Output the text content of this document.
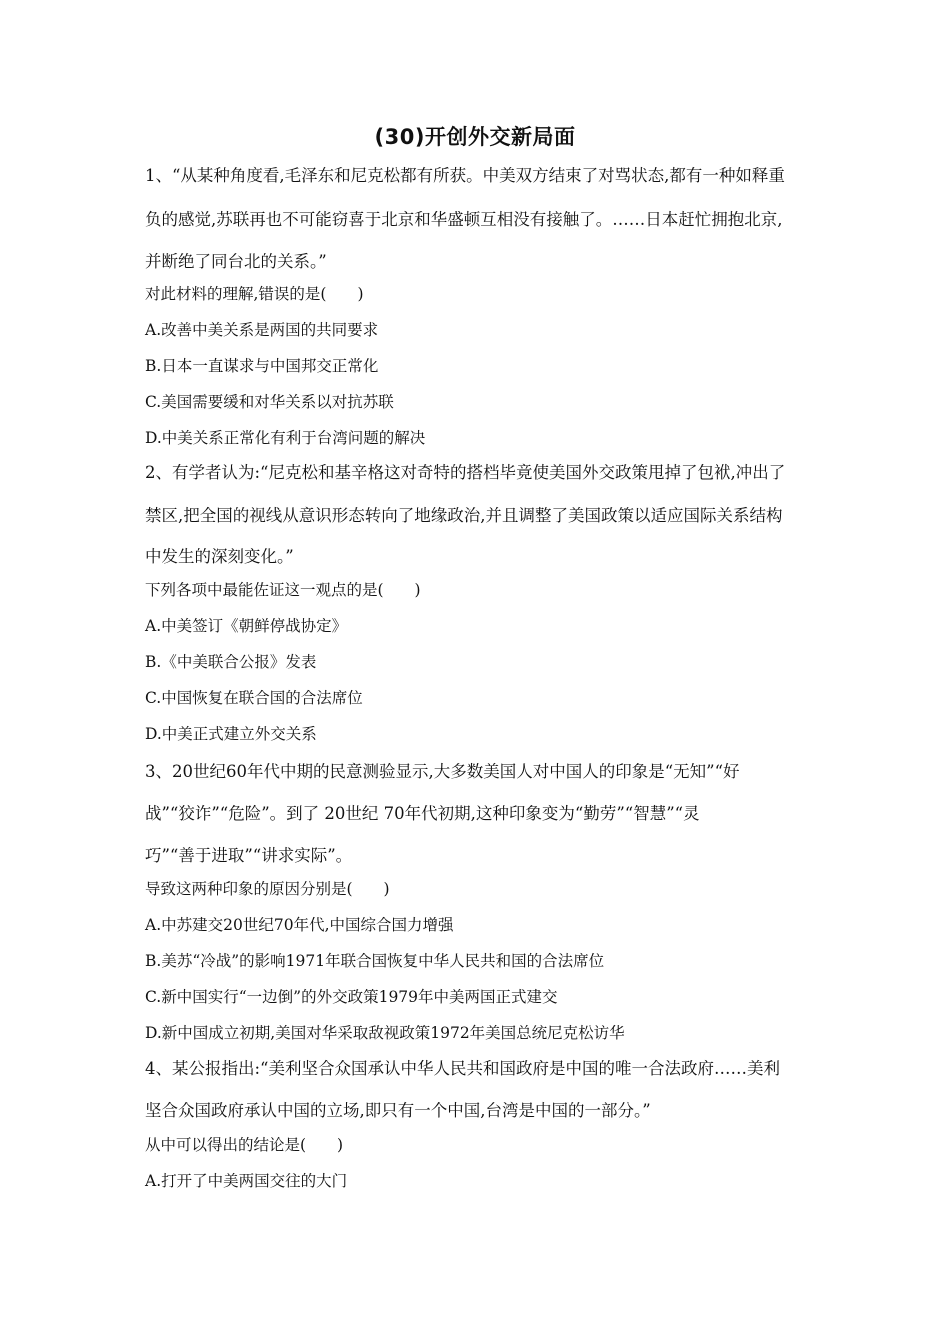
(30)开创外交新局面
1、“从某种角度看,毛泽东和尼克松都有所获。中美双方结束了对骂状态,都有一种如释重
负的感觉,苏联再也不可能窃喜于北京和华盛顿互相没有接触了。……日本赶忙拥抱北京,
并断绝了同台北的关系。”
对此材料的理解,错误的是(　　)
A.改善中美关系是两国的共同要求
B.日本一直谋求与中国邦交正常化
C.美国需要缓和对华关系以对抗苏联
D.中美关系正常化有利于台湾问题的解决
2、有学者认为:“尼克松和基辛格这对奇特的搭档毕竟使美国外交政策甩掉了包袱,冲出了
禁区,把全国的视线从意识形态转向了地缘政治,并且调整了美国政策以适应国际关系结构
中发生的深刻变化。”
下列各项中最能佐证这一观点的是(　　)
A.中美签订《朝鲜停战协定》
B.《中美联合公报》发表
C.中国恢复在联合国的合法席位
D.中美正式建立外交关系
3、20世纪60年代中期的民意测验显示,大多数美国人对中国人的印象是“无知”“好
战”“狡诈”“危险”。到了 20世纪 70年代初期,这种印象变为“勤劳”“智慧”“灵
巧”“善于进取”“讲求实际”。
导致这两种印象的原因分别是(　　)
A.中苏建交20世纪70年代,中国综合国力增强
B.美苏“冷战”的影响1971年联合国恢复中华人民共和国的合法席位
C.新中国实行“一边倒”的外交政策1979年中美两国正式建交
D.新中国成立初期,美国对华采取敌视政策1972年美国总统尼克松访华
4、某公报指出:“美利坚合众国承认中华人民共和国政府是中国的唯一合法政府……美利
坚合众国政府承认中国的立场,即只有一个中国,台湾是中国的一部分。”
从中可以得出的结论是(　　)
A.打开了中美两国交往的大门
